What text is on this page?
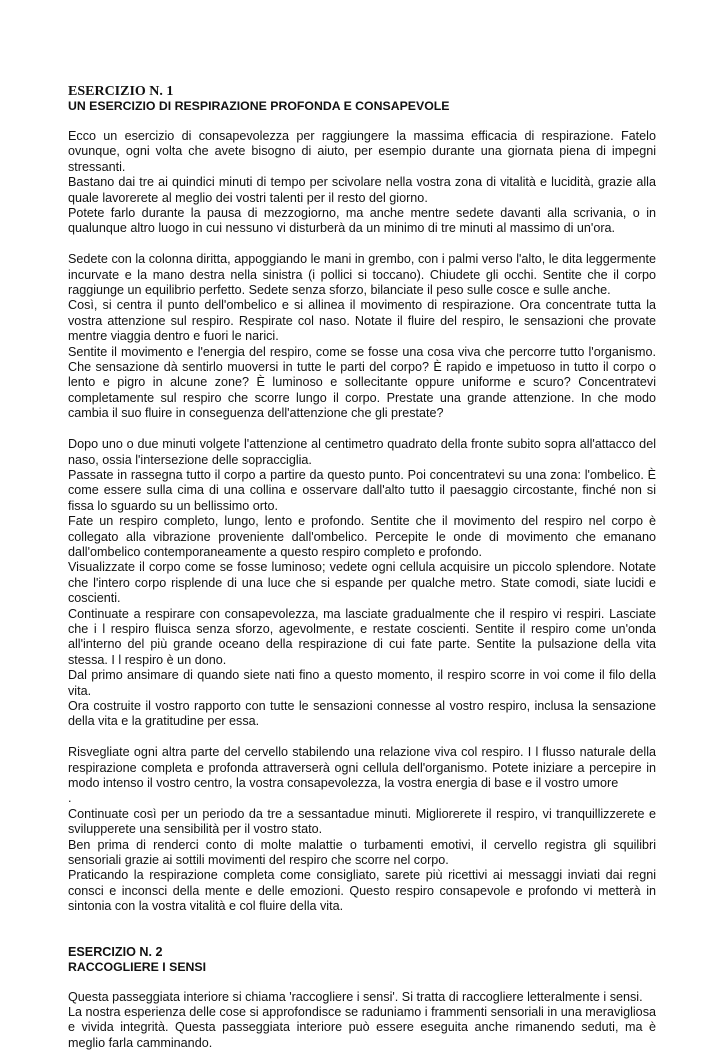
ESERCIZIO N. 1
UN ESERCIZIO DI RESPIRAZIONE PROFONDA E CONSAPEVOLE

Ecco un esercizio di consapevolezza per raggiungere la massima efficacia di respirazione. Fatelo ovunque, ogni volta che avete bisogno di aiuto, per esempio durante una giornata piena di impegni stressanti.

Bastano dai tre ai quindici minuti di tempo per scivolare nella vostra zona di vitalità e lucidità, grazie alla quale lavorerete al meglio dei vostri talenti per il resto del giorno.

Potete farlo durante la pausa di mezzogiorno, ma anche mentre sedete davanti alla scrivania, o in qualunque altro luogo in cui nessuno vi disturberà da un minimo di tre minuti al massimo di un'ora.

Sedete con la colonna diritta, appoggiando le mani in grembo, con i palmi verso l'alto, le dita leggermente incurvate e la mano destra nella sinistra (i pollici si toccano). Chiudete gli occhi. Sentite che il corpo raggiunge un equilibrio perfetto. Sedete senza sforzo, bilanciate il peso sulle cosce e sulle anche.

Così, si centra il punto dell'ombelico e si allinea il movimento di respirazione. Ora concentrate tutta la vostra attenzione sul respiro. Respirate col naso. Notate il fluire del respiro, le sensazioni che provate mentre viaggia dentro e fuori le narici.

Sentite il movimento e l'energia del respiro, come se fosse una cosa viva che percorre tutto l'organismo. Che sensazione dà sentirlo muoversi in tutte le parti del corpo? È rapido e impetuoso in tutto il corpo o lento e pigro in alcune zone? È luminoso e sollecitante oppure uniforme e scuro? Concentratevi completamente sul respiro che scorre lungo il corpo. Prestate una grande attenzione. In che modo cambia il suo fluire in conseguenza dell'attenzione che gli prestate?

Dopo uno o due minuti volgete l'attenzione al centimetro quadrato della fronte subito sopra all'attacco del naso, ossia l'intersezione delle sopracciglia.

Passate in rassegna tutto il corpo a partire da questo punto. Poi concentratevi su una zona: l'ombelico. È come essere sulla cima di una collina e osservare dall'alto tutto il paesaggio circostante, finché non si fissa lo sguardo su un bellissimo orto.

Fate un respiro completo, lungo, lento e profondo. Sentite che il movimento del respiro nel corpo è collegato alla vibrazione proveniente dall'ombelico. Percepite le onde di movimento che emanano dall'ombelico contemporaneamente a questo respiro completo e profondo.

Visualizzate il corpo come se fosse luminoso; vedete ogni cellula acquisire un piccolo splendore. Notate che l'intero corpo risplende di una luce che si espande per qualche metro. State comodi, siate lucidi e coscienti.

Continuate a respirare con consapevolezza, ma lasciate gradualmente che il respiro vi respiri. Lasciate che i l respiro fluisca senza sforzo, agevolmente, e restate coscienti. Sentite il respiro come un'onda all'interno del più grande oceano della respirazione di cui fate parte. Sentite la pulsazione della vita stessa. I l respiro è un dono.

Dal primo ansimare di quando siete nati fino a questo momento, il respiro scorre in voi come il filo della vita.

Ora costruite il vostro rapporto con tutte le sensazioni connesse al vostro respiro, inclusa la sensazione della vita e la gratitudine per essa.

Risvegliate ogni altra parte del cervello stabilendo una relazione viva col respiro. I l flusso naturale della respirazione completa e profonda attraverserà ogni cellula dell'organismo. Potete iniziare a percepire in modo intenso il vostro centro, la vostra consapevolezza, la vostra energia di base e il vostro umore

.

Continuate così per un periodo da tre a sessantadue minuti. Migliorerete il respiro, vi tranquillizzerete e svilupperete una sensibilità per il vostro stato.

Ben prima di renderci conto di molte malattie o turbamenti emotivi, il cervello registra gli squilibri sensoriali grazie ai sottili movimenti del respiro che scorre nel corpo.

Praticando la respirazione completa come consigliato, sarete più ricettivi ai messaggi inviati dai regni consci e inconsci della mente e delle emozioni. Questo respiro consapevole e profondo vi metterà in sintonia con la vostra vitalità e col fluire della vita.

ESERCIZIO N. 2
RACCOGLIERE I SENSI

Questa passeggiata interiore si chiama 'raccogliere i sensi'. Si tratta di raccogliere letteralmente i sensi.

La nostra esperienza delle cose si approfondisce se raduniamo i frammenti sensoriali in una meravigliosa e vivida integrità. Questa passeggiata interiore può essere eseguita anche rimanendo seduti, ma è meglio farla camminando.
